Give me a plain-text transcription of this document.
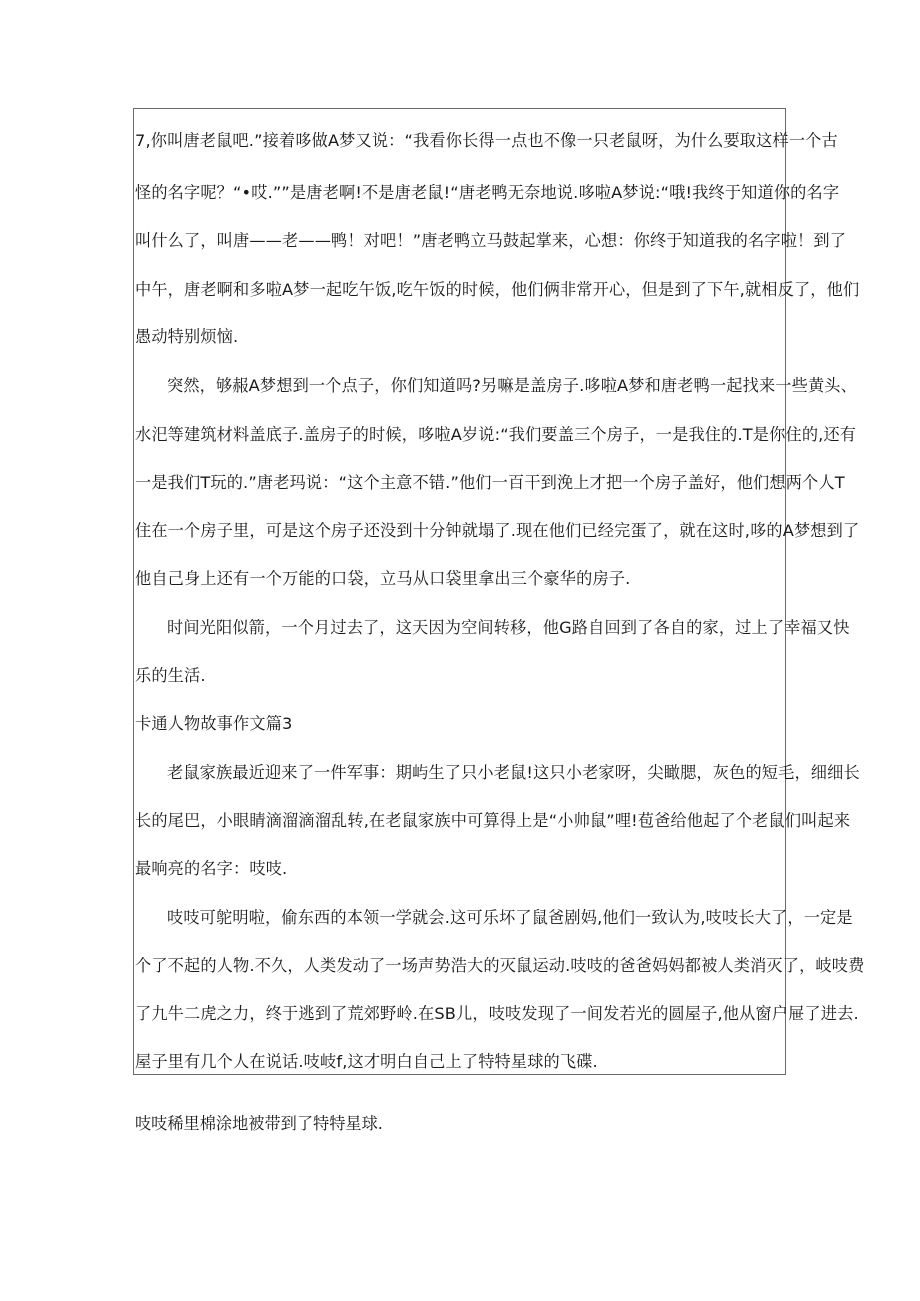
7,你叫唐老鼠吧.”接着哆做A梦又说：“我看你长得一点也不像一只老鼠呀，为什么要取这样一个古
怪的名字呢？“•哎.””是唐老啊!不是唐老鼠!“唐老鸭无奈地说.哆啦A梦说:“哦!我终于知道你的名字
叫什么了，叫唐——老——鸭！对吧！”唐老鸭立马鼓起掌来，心想：你终于知道我的名字啦！到了
中午，唐老啊和多啦A梦一起吃午饭,吃午饭的时候，他们俩非常开心，但是到了下午,就相反了，他们
愚动特别烦恼.
突然，够赧A梦想到一个点子，你们知道吗?另嘛是盖房子.哆啦A梦和唐老鸭一起找来一些黄头、
水汜等建筑材料盖底子.盖房子的时候，哆啦A岁说:“我们要盖三个房子，一是我住的.T是你住的,还有
一是我们T玩的.”唐老玛说：“这个主意不错.”他们一百干到浼上才把一个房子盖好，他们想两个人T
住在一个房子里，可是这个房子还没到十分钟就塌了.现在他们已经完蛋了，就在这时,哆的A梦想到了
他自己身上还有一个万能的口袋，立马从口袋里拿出三个豪华的房子.
时间光阳似箭，一个月过去了，这天因为空间转移，他G路自回到了各自的家，过上了幸福又快
乐的生活.
卡通人物故事作文篇3
老鼠家族最近迎来了一件军事：期屿生了只小老鼠!这只小老家呀，尖瞰腮，灰色的短毛，细细长
长的尾巴，小眼睛滴溜滴溜乱转,在老鼠家族中可算得上是“小帅鼠”哩!苞爸给他起了个老鼠们叫起来
最响亮的名字：吱吱.
吱吱可鸵明啦，偷东西的本领一学就会.这可乐坏了鼠爸剧妈,他们一致认为,吱吱长大了，一定是
个了不起的人物.不久，人类发动了一场声势浩大的灭鼠运动.吱吱的爸爸妈妈都被人类消灭了，岐吱费
了九牛二虎之力，终于逃到了荒郊野岭.在SB儿，吱吱发现了一间发若光的圆屋子,他从窗户屉了进去.
屋子里有几个人在说话.吱岐f,这才明白自己上了特特星球的飞碟.
吱吱稀里棉涂地被带到了特特星球.
